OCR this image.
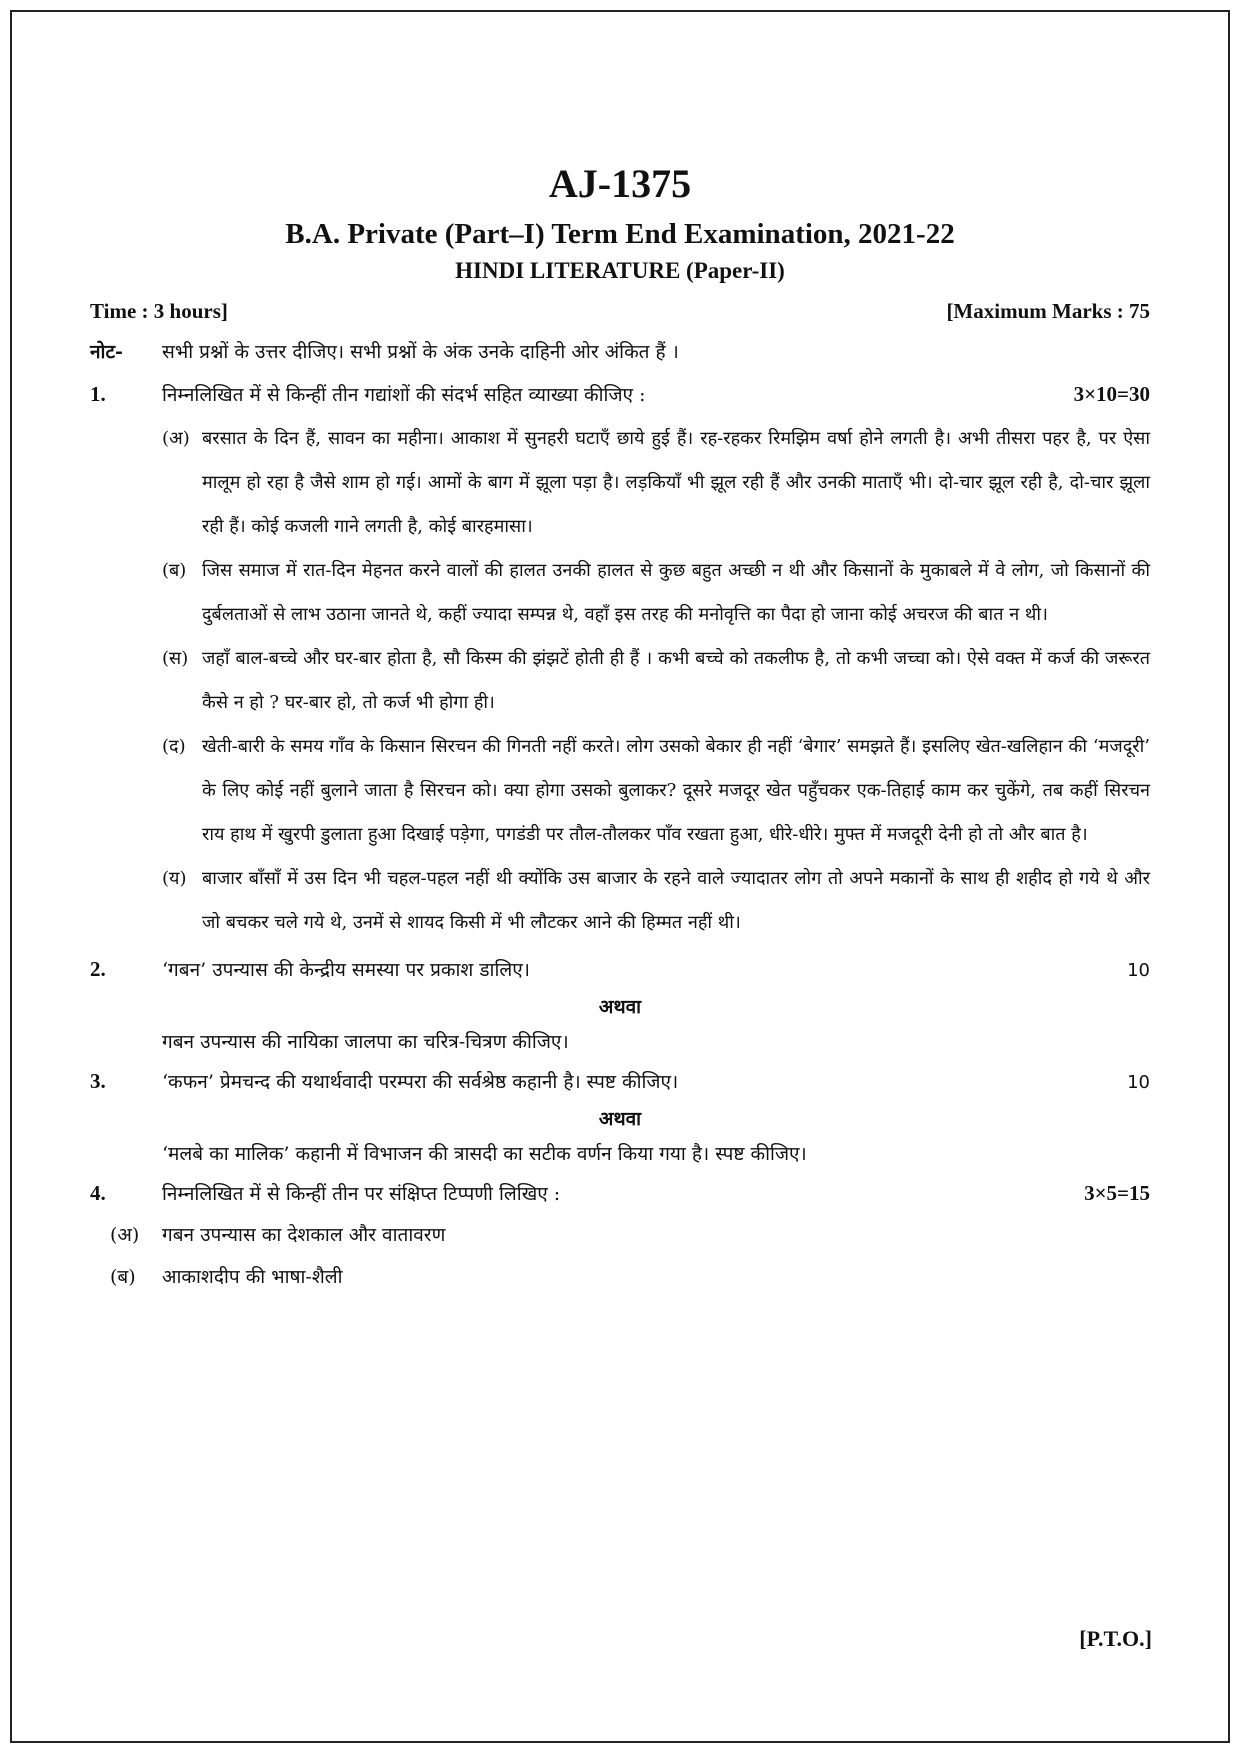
AJ-1375
B.A. Private (Part–I) Term End Examination, 2021-22
HINDI LITERATURE (Paper-II)
Time : 3 hours]	[Maximum Marks : 75
नोट-	सभी प्रश्नों के उत्तर दीजिए। सभी प्रश्नों के अंक उनके दाहिनी ओर अंकित हैं ।
1.	निम्नलिखित में से किन्हीं तीन गद्यांशों की संदर्भ सहित व्याख्या कीजिए :	3×10=30
(अ) बरसात के दिन हैं, सावन का महीना। आकाश में सुनहरी घटाएँ छाये हुई हैं। रह-रहकर रिमझिम वर्षा होने लगती है। अभी तीसरा पहर है, पर ऐसा मालूम हो रहा है जैसे शाम हो गई। आमों के बाग में झूला पड़ा है। लड़कियाँ भी झूल रही हैं और उनकी माताएँ भी। दो-चार झूल रही है, दो-चार झूला रही हैं। कोई कजली गाने लगती है, कोई बारहमासा।
(ब) जिस समाज में रात-दिन मेहनत करने वालों की हालत उनकी हालत से कुछ बहुत अच्छी न थी और किसानों के मुकाबले में वे लोग, जो किसानों की दुर्बलताओं से लाभ उठाना जानते थे, कहीं ज्यादा सम्पन्न थे, वहाँ इस तरह की मनोवृत्ति का पैदा हो जाना कोई अचरज की बात न थी।
(स) जहाँ बाल-बच्चे और घर-बार होता है, सौ किस्म की झंझटें होती ही हैं । कभी बच्चे को तकलीफ है, तो कभी जच्चा को। ऐसे वक्त में कर्ज की जरूरत कैसे न हो ? घर-बार हो, तो कर्ज भी होगा ही।
(द) खेती-बारी के समय गाँव के किसान सिरचन की गिनती नहीं करते। लोग उसको बेकार ही नहीं ‘बेगार’ समझते हैं। इसलिए खेत-खलिहान की ‘मजदूरी’ के लिए कोई नहीं बुलाने जाता है सिरचन को। क्या होगा उसको बुलाकर? दूसरे मजदूर खेत पहुँचकर एक-तिहाई काम कर चुकेंगे, तब कहीं सिरचन राय हाथ में खुरपी डुलाता हुआ दिखाई पड़ेगा, पगडंडी पर तौल-तौलकर पाँव रखता हुआ, धीरे-धीरे। मुफ्त में मजदूरी देनी हो तो और बात है।
(य) बाजार बाँसाँ में उस दिन भी चहल-पहल नहीं थी क्योंकि उस बाजार के रहने वाले ज्यादातर लोग तो अपने मकानों के साथ ही शहीद हो गये थे और जो बचकर चले गये थे, उनमें से शायद किसी में भी लौटकर आने की हिम्मत नहीं थी।
2.	‘गबन’ उपन्यास की केन्द्रीय समस्या पर प्रकाश डालिए।	10
अथवा
गबन उपन्यास की नायिका जालपा का चरित्र-चित्रण कीजिए।
3.	‘कफन’ प्रेमचन्द की यथार्थवादी परम्परा की सर्वश्रेष्ठ कहानी है। स्पष्ट कीजिए।	10
अथवा
‘मलबे का मालिक’ कहानी में विभाजन की त्रासदी का सटीक वर्णन किया गया है। स्पष्ट कीजिए।
4.	निम्नलिखित में से किन्हीं तीन पर संक्षिप्त टिप्पणी लिखिए :	3×5=15
(अ)	गबन उपन्यास का देशकाल और वातावरण
(ब)	आकाशदीप की भाषा-शैली
[P.T.O.]
